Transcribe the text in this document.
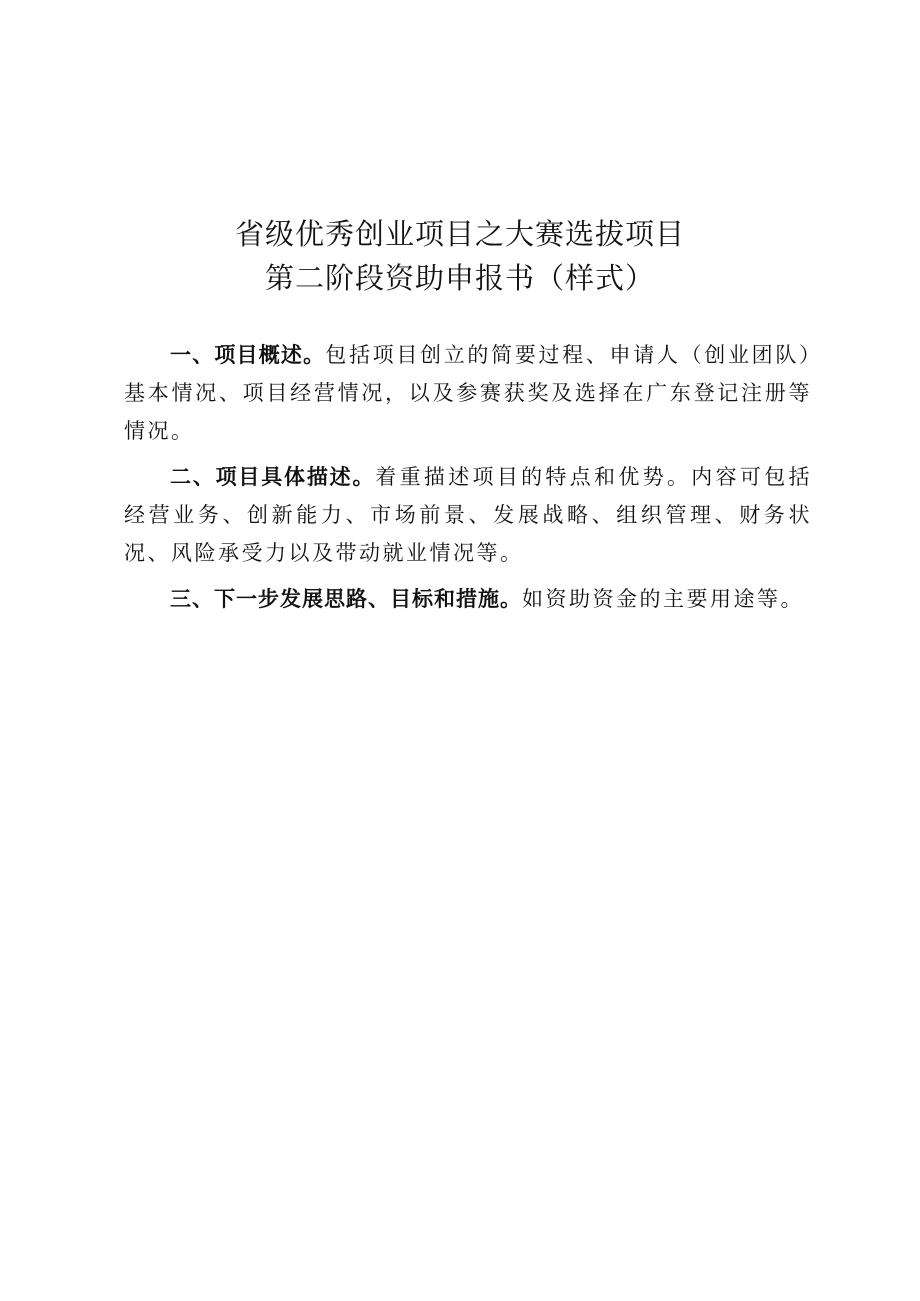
省级优秀创业项目之大赛选拔项目
第二阶段资助申报书（样式）

一、项目概述。包括项目创立的简要过程、申请人（创业团队）基本情况、项目经营情况，以及参赛获奖及选择在广东登记注册等情况。

二、项目具体描述。着重描述项目的特点和优势。内容可包括经营业务、创新能力、市场前景、发展战略、组织管理、财务状况、风险承受力以及带动就业情况等。

三、下一步发展思路、目标和措施。如资助资金的主要用途等。
